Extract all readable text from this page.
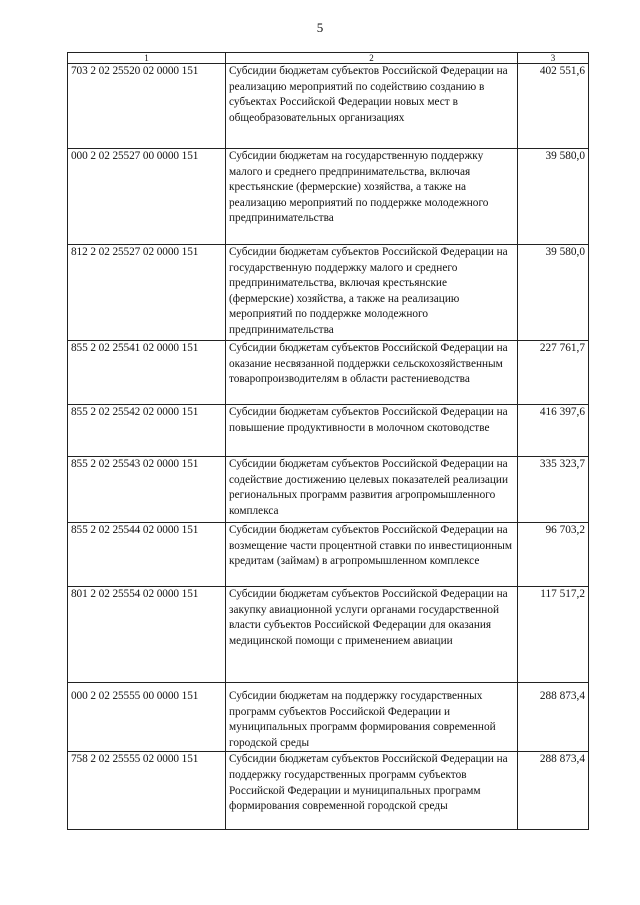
5
1	2	3
703 2 02 25520 02 0000 151	Субсидии бюджетам субъектов Российской Федерации на реализацию мероприятий по содействию созданию в субъектах Российской Федерации новых мест в общеобразовательных организациях	402 551,6
000 2 02 25527 00 0000 151	Субсидии бюджетам на государственную поддержку малого и среднего предпринимательства, включая крестьянские (фермерские) хозяйства, а также на реализацию мероприятий по поддержке молодежного предпринимательства	39 580,0
812 2 02 25527 02 0000 151	Субсидии бюджетам субъектов Российской Федерации на государственную поддержку малого и среднего предпринимательства, включая крестьянские (фермерские) хозяйства, а также на реализацию мероприятий по поддержке молодежного предпринимательства	39 580,0
855 2 02 25541 02 0000 151	Субсидии бюджетам субъектов Российской Федерации на оказание несвязанной поддержки сельскохозяйственным товаропроизводителям в области растениеводства	227 761,7
855 2 02 25542 02 0000 151	Субсидии бюджетам субъектов Российской Федерации на повышение продуктивности в молочном скотоводстве	416 397,6
855 2 02 25543 02 0000 151	Субсидии бюджетам субъектов Российской Федерации на содействие достижению целевых показателей реализации региональных программ развития агропромышленного комплекса	335 323,7
855 2 02 25544 02 0000 151	Субсидии бюджетам субъектов Российской Федерации на возмещение части процентной ставки по инвестиционным кредитам (займам) в агропромышленном комплексе	96 703,2
801 2 02 25554 02 0000 151	Субсидии бюджетам субъектов Российской Федерации на закупку авиационной услуги органами государственной власти субъектов Российской Федерации для оказания медицинской помощи с применением авиации	117 517,2
000 2 02 25555 00 0000 151	Субсидии бюджетам на поддержку государственных программ субъектов Российской Федерации и муниципальных программ формирования современной городской среды	288 873,4
758 2 02 25555 02 0000 151	Субсидии бюджетам субъектов Российской Федерации на поддержку государственных программ субъектов Российской Федерации и муниципальных программ формирования современной городской среды	288 873,4
